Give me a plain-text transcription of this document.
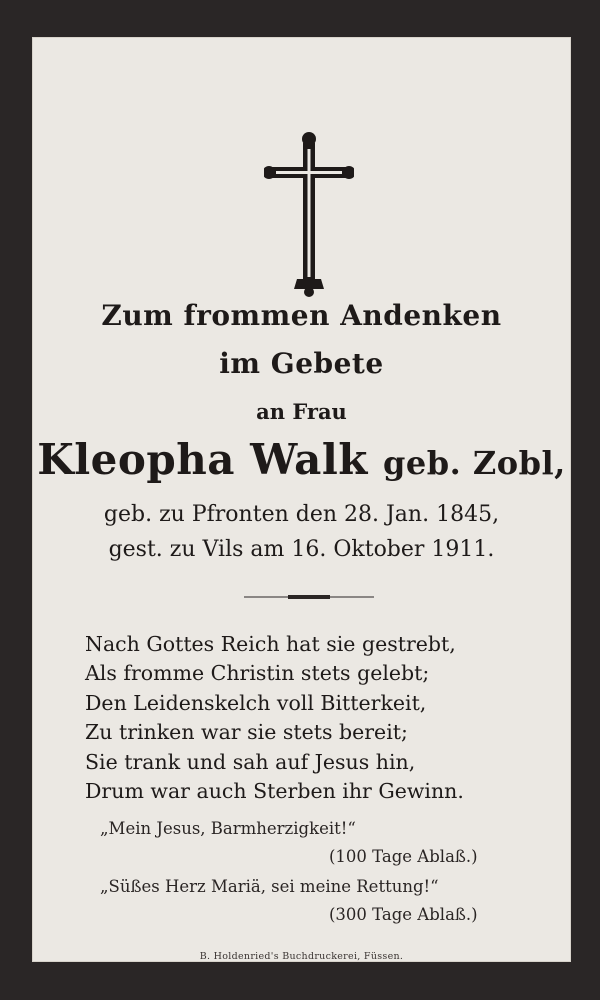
Zum frommen Andenken
im Gebete
an Frau
Kleopha Walk geb. Zobl,
geb. zu Pfronten den 28. Jan. 1845,
gest. zu Vils am 16. Oktober 1911.
Nach Gottes Reich hat sie gestrebt,
Als fromme Christin stets gelebt;
Den Leidenskelch voll Bitterkeit,
Zu trinken war sie stets bereit;
Sie trank und sah auf Jesus hin,
Drum war auch Sterben ihr Gewinn.
„Mein Jesus, Barmherzigkeit!“
(100 Tage Ablaß.)
„Süßes Herz Mariä, sei meine Rettung!“
(300 Tage Ablaß.)
B. Holdenried's Buchdruckerei, Füssen.
